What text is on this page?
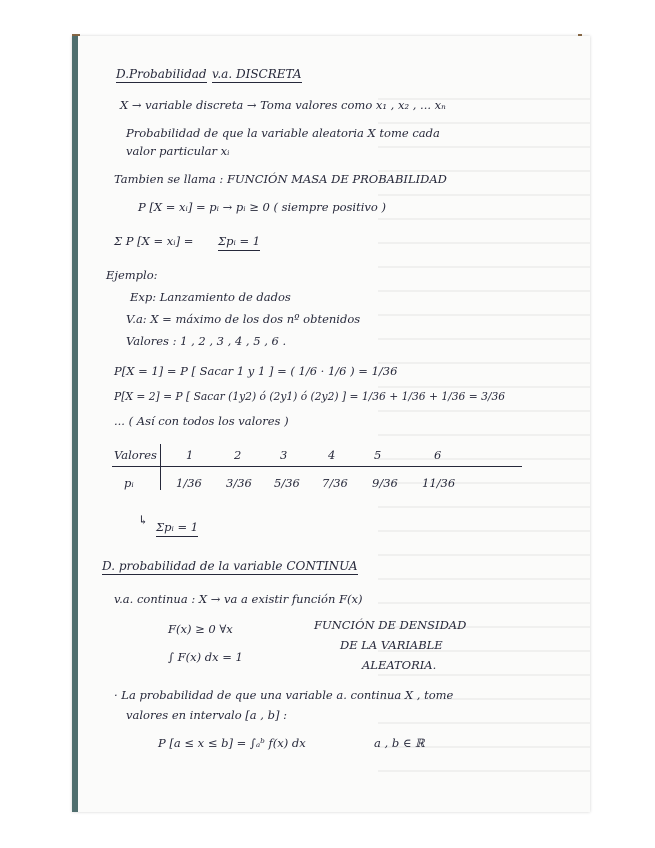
D.Probabilidad v.a. DISCRETA
X → variable discreta → Toma valores como x₁ , x₂ , ... xₙ
Probabilidad de que la variable aleatoria X tome cada
valor particular xᵢ
Tambien se llama : FUNCIÓN MASA DE PROBABILIDAD
P [X = xᵢ] = pᵢ → pᵢ ≥ 0 ( siempre positivo )
Σ P [X = xᵢ] = Σpᵢ = 1
Ejemplo:
Exp: Lanzamiento de dados
V.a: X = máximo de los dos nº obtenidos
Valores : 1 , 2 , 3 , 4 , 5 , 6 .
P[X = 1] = P [ Sacar 1 y 1 ] = ( 1/6 · 1/6 ) = 1/36
P[X = 2] = P [ Sacar (1y2) ó (2y1) ó (2y2) ] = 1/36 + 1/36 + 1/36 = 3/36
... ( Así con todos los valores )
Valores	1	2	3	4	5	6
pᵢ	1/36 3/36 5/36 7/36 9/36 11/36
↳ Σpᵢ = 1
D. probabilidad de la variable CONTINUA
v.a. continua : X → va a existir función F(x)
F(x) ≥ 0 ∀x
∫ F(x) dx = 1
FUNCIÓN DE DENSIDAD
DE LA VARIABLE
ALEATORIA.
· La probabilidad de que una variable a. continua X , tome
valores en intervalo [a , b] :
P [a ≤ x ≤ b] = ∫ₐᵇ f(x) dx	a , b ∈ ℝ
